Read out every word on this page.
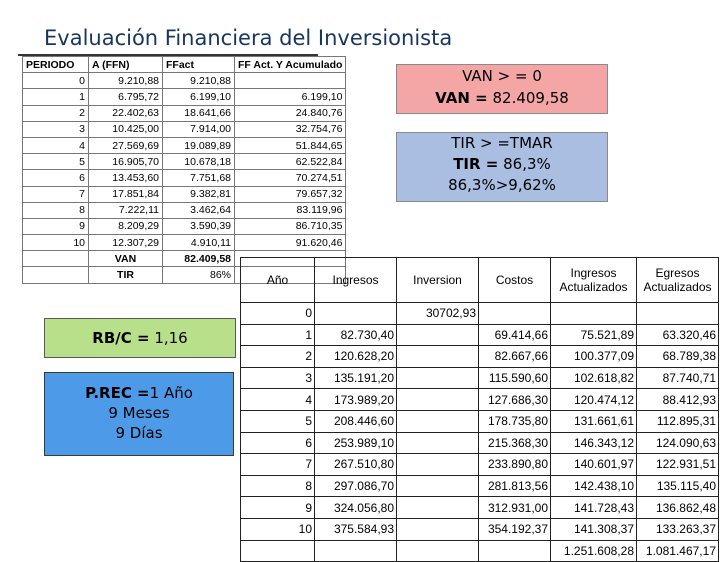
Evaluación Financiera del Inversionista
PERIODO	A (FFN)	FFact	FF Act. Y Acumulado
0	9.210,88	9.210,88	
1	6.795,72	6.199,10	6.199,10
2	22.402,63	18.641,66	24.840,76
3	10.425,00	7.914,00	32.754,76
4	27.569,69	19.089,89	51.844,65
5	16.905,70	10.678,18	62.522,84
6	13.453,60	7.751,68	70.274,51
7	17.851,84	9.382,81	79.657,32
8	7.222,11	3.462,64	83.119,96
9	8.209,29	3.590,39	86.710,35
10	12.307,29	4.910,11	91.620,46
	VAN	82.409,58	
	TIR	86%	
VAN > = 0
VAN = 82.409,58
TIR > =TMAR
TIR = 86,3%
86,3%>9,62%
RB/C = 1,16
P.REC =1 Año
9 Meses
9 Días
Año	Ingresos	Inversion	Costos	Ingresos Actualizados	Egresos Actualizados
0		30702,93			
1	82.730,40		69.414,66	75.521,89	63.320,46
2	120.628,20		82.667,66	100.377,09	68.789,38
3	135.191,20		115.590,60	102.618,82	87.740,71
4	173.989,20		127.686,30	120.474,12	88.412,93
5	208.446,60		178.735,80	131.661,61	112.895,31
6	253.989,10		215.368,30	146.343,12	124.090,63
7	267.510,80		233.890,80	140.601,97	122.931,51
8	297.086,70		281.813,56	142.438,10	135.115,40
9	324.056,80		312.931,00	141.728,43	136.862,48
10	375.584,93		354.192,37	141.308,37	133.263,37
				1.251.608,28	1.081.467,17
